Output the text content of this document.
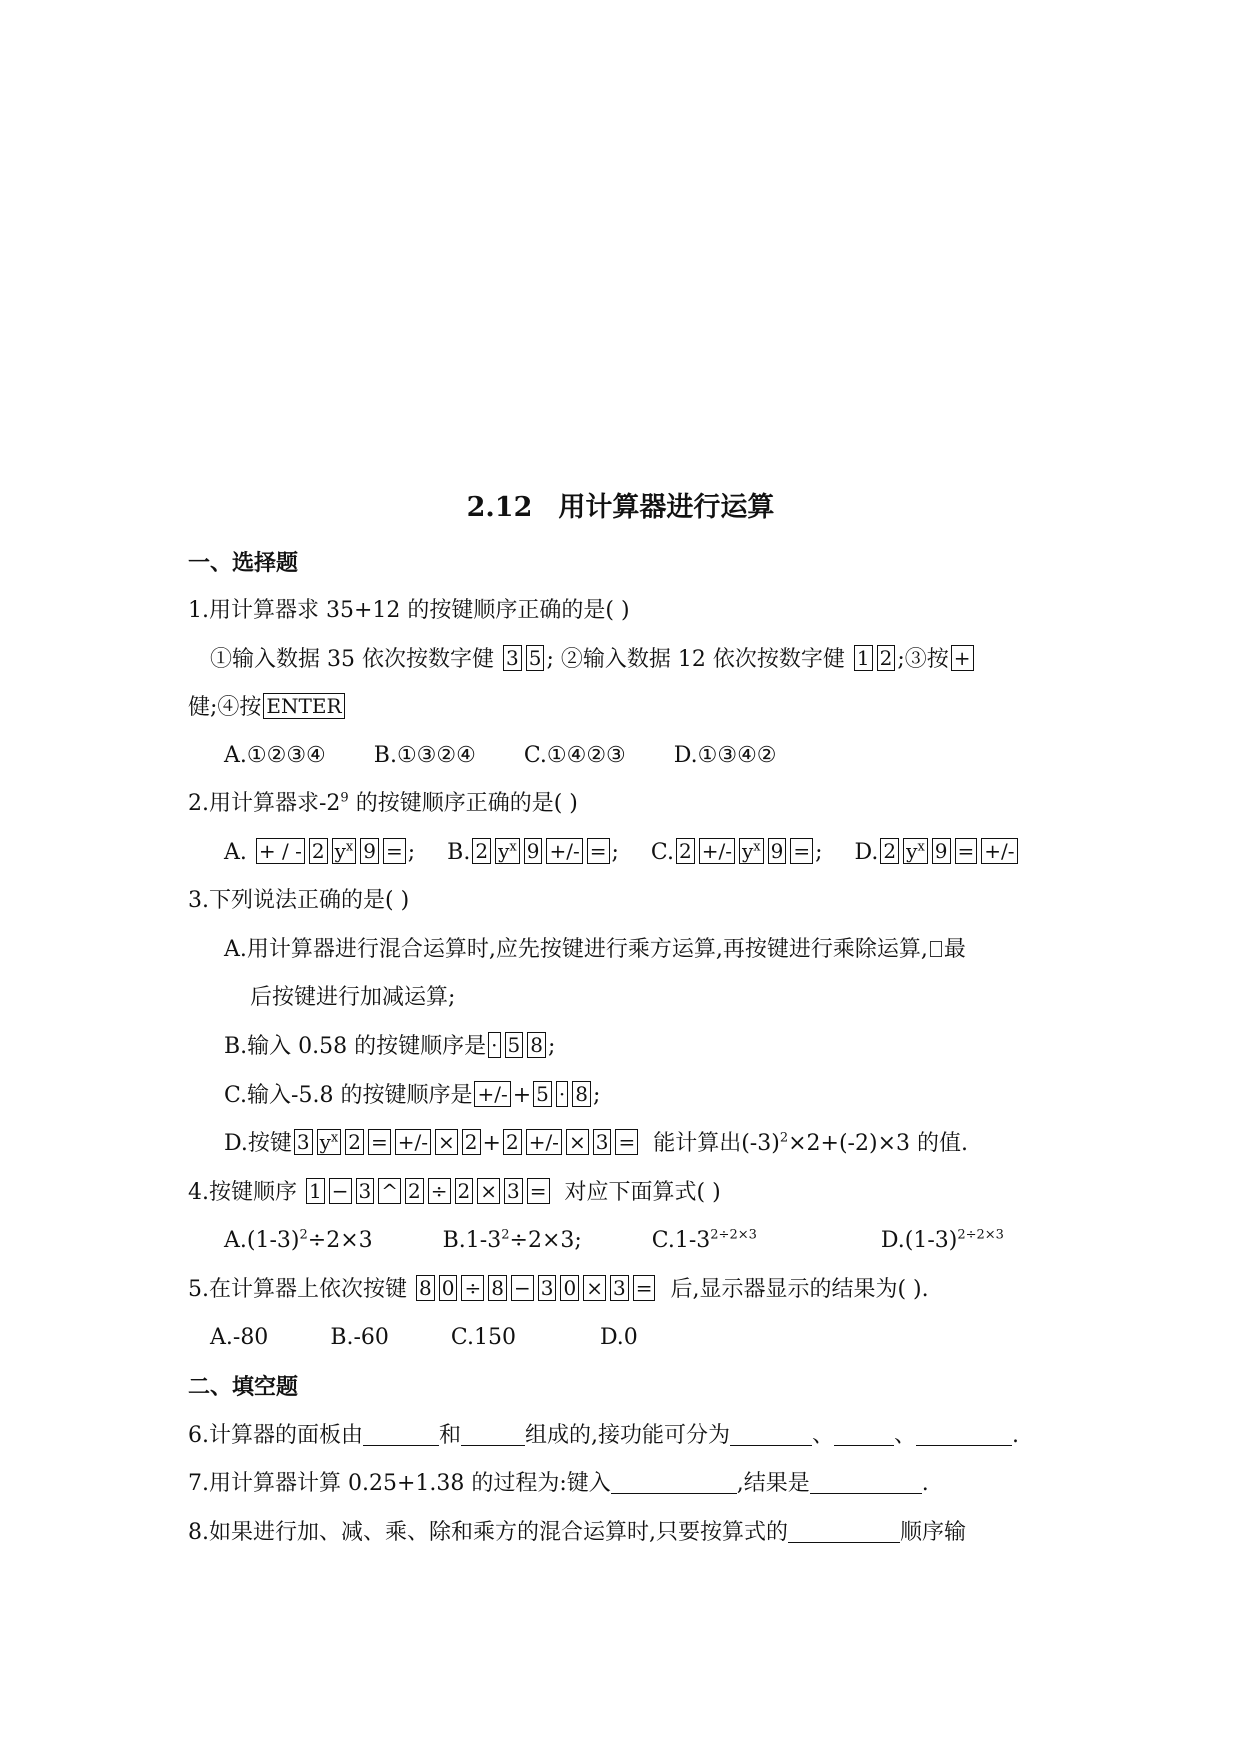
2.12 用计算器进行运算
一、选择题
1.用计算器求 35+12 的按键顺序正确的是( )
①输入数据 35 依次按数字健 3 5 ; ②输入数据 12 依次按数字健 1 2 ;③按 +
健;④按 ENTER
A.①②③④ B.①③②④ C.①④②③ D.①③④②
2.用计算器求$-2^9$ 的按键顺序正确的是( )
A. + / - 2 $y^x$ 9 = ; B. 2 $y^x$ 9 +/- = ; C. 2 +/- $y^x$ 9 = ; D. 2 $y^x$ 9 = +/-
3.下列说法正确的是( )
A.用计算器进行混合运算时,应先按键进行乘方运算,再按键进行乘除运算, 最
后按键进行加减运算;
B.输入 0.58 的按键顺序是 · 5 8 ;
C.输入-5.8 的按键顺序是 +/- + 5 · 8 ;
D.按键 3 $y^x$ 2 = +/- × 2 + 2 +/- × 3 = 能计算出$(-3)^2\times 2+(-2)\times 3$ 的值.
4.按键顺序 1 − 3 ^ 2 ÷ 2 × 3 = 对应下面算式( )
$A.(1-3)^2\div 2\times 3$	$B.1-3^2\div 2\times 3$;	$C.1-3^{2\div 2\times 3}$	$D.(1-3)^{2\div 2\times 3}$
5.在计算器上依次按键 8 0 ÷ 8 − 3 0 × 3 = 后,显示器显示的结果为( ).
A.-80	B.-60	C.150	D.0
二、填空题
6.计算器的面板由	和	组成的,接功能可分为	、	、	.
7.用计算器计算 0.25+1.38 的过程为:键入	,结果是	.
8.如果进行加、减、乘、除和乘方的混合运算时,只要按算式的	顺序输
